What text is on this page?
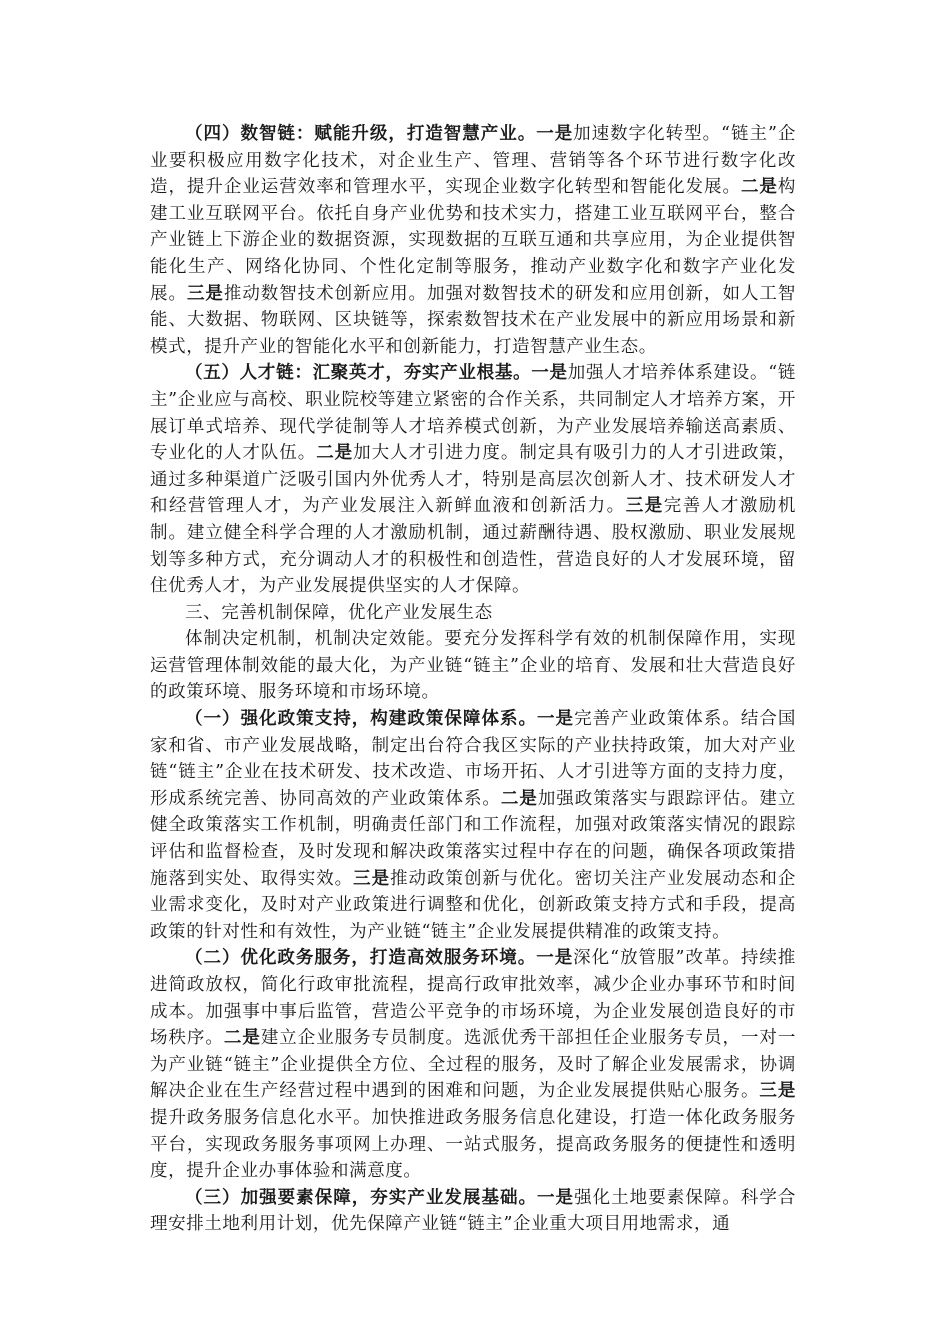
（四）数智链：赋能升级，打造智慧产业。一是加速数字化转型。“链主”企业要积极应用数字化技术，对企业生产、管理、营销等各个环节进行数字化改造，提升企业运营效率和管理水平，实现企业数字化转型和智能化发展。二是构建工业互联网平台。依托自身产业优势和技术实力，搭建工业互联网平台，整合产业链上下游企业的数据资源，实现数据的互联互通和共享应用，为企业提供智能化生产、网络化协同、个性化定制等服务，推动产业数字化和数字产业化发展。三是推动数智技术创新应用。加强对数智技术的研发和应用创新，如人工智能、大数据、物联网、区块链等，探索数智技术在产业发展中的新应用场景和新模式，提升产业的智能化水平和创新能力，打造智慧产业生态。

（五）人才链：汇聚英才，夯实产业根基。一是加强人才培养体系建设。“链主”企业应与高校、职业院校等建立紧密的合作关系，共同制定人才培养方案，开展订单式培养、现代学徒制等人才培养模式创新，为产业发展培养输送高素质、专业化的人才队伍。二是加大人才引进力度。制定具有吸引力的人才引进政策，通过多种渠道广泛吸引国内外优秀人才，特别是高层次创新人才、技术研发人才和经营管理人才，为产业发展注入新鲜血液和创新活力。三是完善人才激励机制。建立健全科学合理的人才激励机制，通过薪酬待遇、股权激励、职业发展规划等多种方式，充分调动人才的积极性和创造性，营造良好的人才发展环境，留住优秀人才，为产业发展提供坚实的人才保障。

三、完善机制保障，优化产业发展生态

体制决定机制，机制决定效能。要充分发挥科学有效的机制保障作用，实现运营管理体制效能的最大化，为产业链“链主”企业的培育、发展和壮大营造良好的政策环境、服务环境和市场环境。

（一）强化政策支持，构建政策保障体系。一是完善产业政策体系。结合国家和省、市产业发展战略，制定出台符合我区实际的产业扶持政策，加大对产业链“链主”企业在技术研发、技术改造、市场开拓、人才引进等方面的支持力度，形成系统完善、协同高效的产业政策体系。二是加强政策落实与跟踪评估。建立健全政策落实工作机制，明确责任部门和工作流程，加强对政策落实情况的跟踪评估和监督检查，及时发现和解决政策落实过程中存在的问题，确保各项政策措施落到实处、取得实效。三是推动政策创新与优化。密切关注产业发展动态和企业需求变化，及时对产业政策进行调整和优化，创新政策支持方式和手段，提高政策的针对性和有效性，为产业链“链主”企业发展提供精准的政策支持。

（二）优化政务服务，打造高效服务环境。一是深化“放管服”改革。持续推进简政放权，简化行政审批流程，提高行政审批效率，减少企业办事环节和时间成本。加强事中事后监管，营造公平竞争的市场环境，为企业发展创造良好的市场秩序。二是建立企业服务专员制度。选派优秀干部担任企业服务专员，一对一为产业链“链主”企业提供全方位、全过程的服务，及时了解企业发展需求，协调解决企业在生产经营过程中遇到的困难和问题，为企业发展提供贴心服务。三是提升政务服务信息化水平。加快推进政务服务信息化建设，打造一体化政务服务平台，实现政务服务事项网上办理、一站式服务，提高政务服务的便捷性和透明度，提升企业办事体验和满意度。

（三）加强要素保障，夯实产业发展基础。一是强化土地要素保障。科学合理安排土地利用计划，优先保障产业链“链主”企业重大项目用地需求，通
